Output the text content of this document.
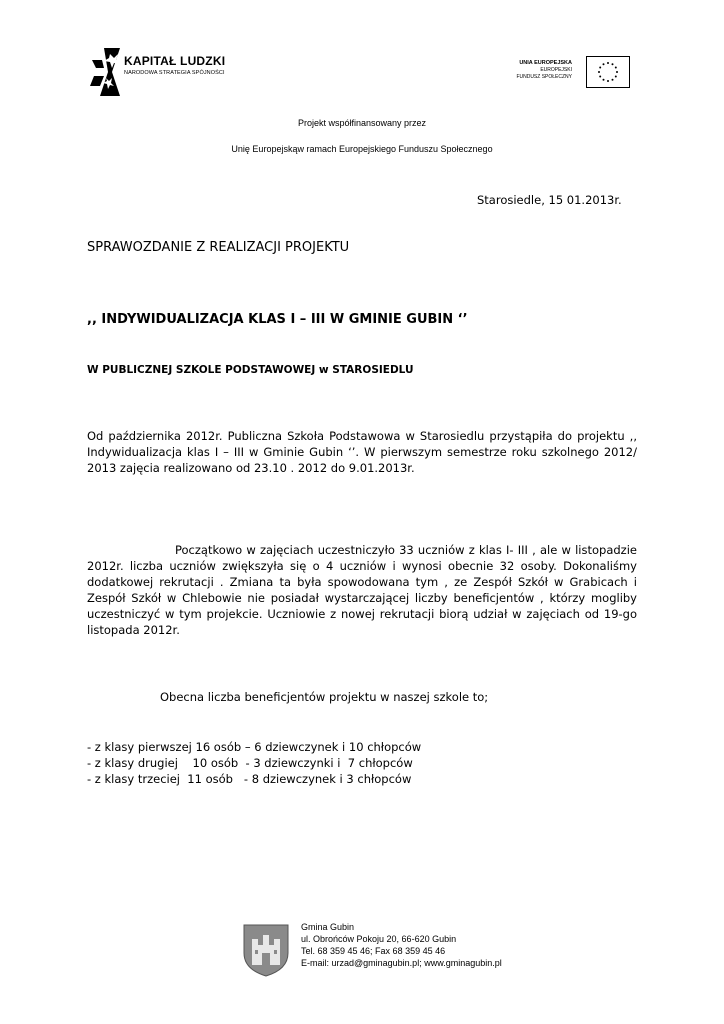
KAPITAŁ LUDZKI
NARODOWA STRATEGIA SPÓJNOŚCI
UNIA EUROPEJSKA
EUROPEJSKI
FUNDUSZ SPOŁECZNY
Projekt współfinansowany przez
Unię Europejskąw ramach Europejskiego Funduszu Społecznego
Starosiedle, 15 01.2013r.
SPRAWOZDANIE Z REALIZACJI PROJEKTU
,, INDYWIDUALIZACJA KLAS I – III W GMINIE GUBIN ‘’
W PUBLICZNEJ SZKOLE PODSTAWOWEJ w STAROSIEDLU
Od października 2012r. Publiczna Szkoła Podstawowa w Starosiedlu przystąpiła do projektu ,, Indywidualizacja klas I – III w Gminie Gubin ‘’. W pierwszym semestrze roku szkolnego 2012/ 2013 zajęcia realizowano od 23.10 . 2012 do 9.01.2013r.
Początkowo w zajęciach uczestniczyło 33 uczniów z klas I- III , ale w listopadzie 2012r. liczba uczniów zwiększyła się o 4 uczniów i wynosi obecnie 32 osoby. Dokonaliśmy dodatkowej rekrutacji . Zmiana ta była spowodowana tym , ze Zespół Szkół w Grabicach i Zespół Szkół w Chlebowie nie posiadał wystarczającej liczby beneficjentów , którzy mogliby uczestniczyć w tym projekcie. Uczniowie z nowej rekrutacji biorą udział w zajęciach od 19-go listopada 2012r.
Obecna liczba beneficjentów projektu w naszej szkole to;
- z klasy pierwszej 16 osób – 6 dziewczynek i 10 chłopców
- z klasy drugiej    10 osób  - 3 dziewczynki i  7 chłopców
- z klasy trzeciej  11 osób   - 8 dziewczynek i 3 chłopców
Gmina Gubin
ul. Obrońców Pokoju 20, 66-620 Gubin
Tel. 68 359 45 46; Fax 68 359 45 46
E-mail: urzad@gminagubin.pl; www.gminagubin.pl
